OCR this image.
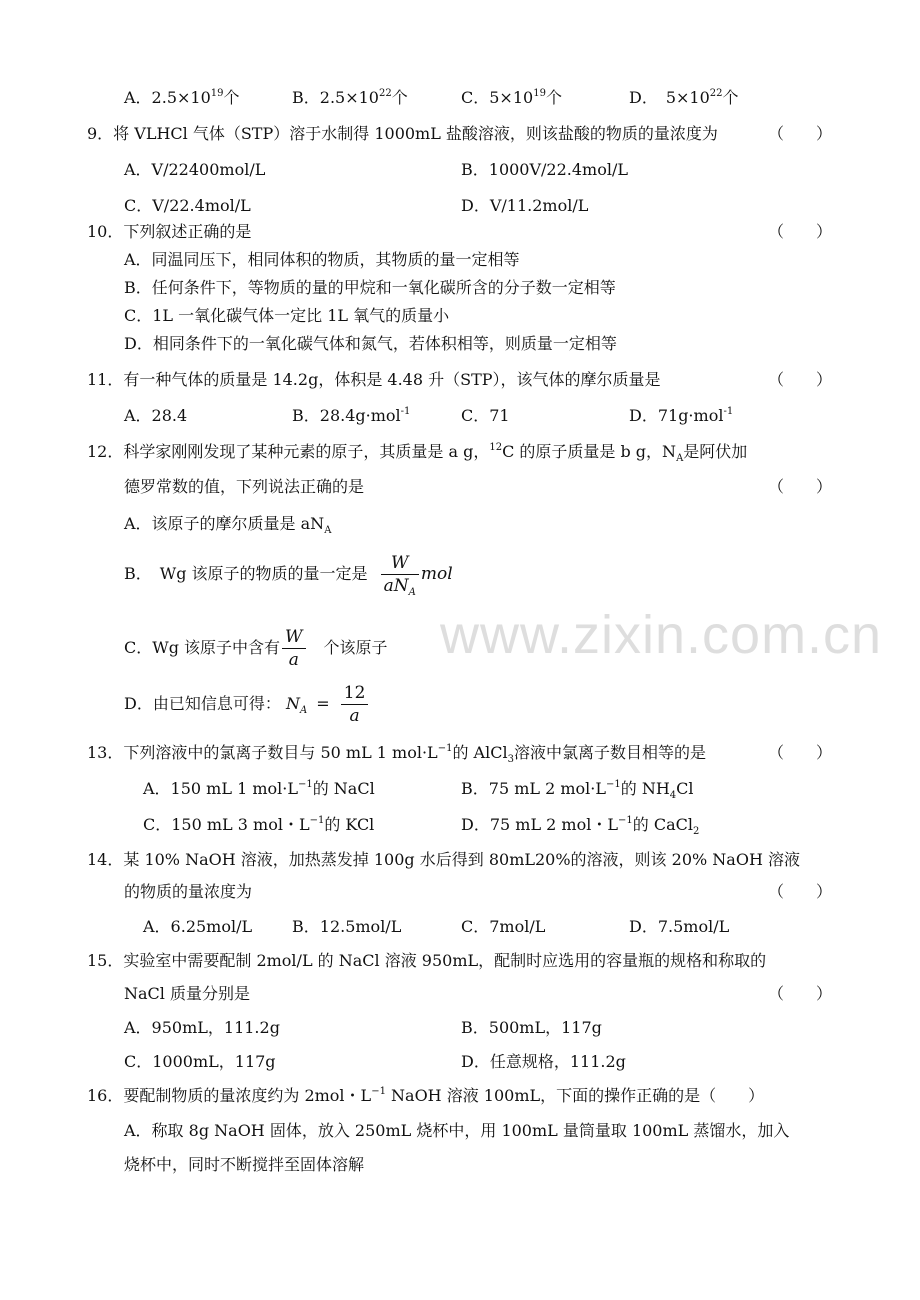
www.zixin.com.cn
A．$2.5\times 10^{19}$个	B．$2.5\times 10^{22}$个	C．$5\times 10^{19}$个	D．　$5\times 10^{22}$个
9．将 VLHCl 气体（STP）溶于水制得 1000mL 盐酸溶液，则该盐酸的物质的量浓度为	（　　）
A．V/22400mol/L	B．1000V/22.4mol/L
C．V/22.4mol/L	D．V/11.2mol/L
10．下列叙述正确的是	（　　）
A．同温同压下，相同体积的物质，其物质的量一定相等
B．任何条件下，等物质的量的甲烷和一氧化碳所含的分子数一定相等
C．1L 一氧化碳气体一定比 1L 氧气的质量小
D．相同条件下的一氧化碳气体和氮气，若体积相等，则质量一定相等
11．有一种气体的质量是 14.2g，体积是 4.48 升（STP），该气体的摩尔质量是	（　　）
A．28.4	B．28.4g·mol$^{-1}$	C．71	D．71g·mol$^{-1}$
12．科学家刚刚发现了某种元素的原子，其质量是 a g，$^{12}$C 的原子质量是 b g，$N_A$是阿伏加
德罗常数的值，下列说法正确的是	（　　）
A．该原子的摩尔质量是 $aN_A$
B．　Wg 该原子的物质的量一定是 $\frac{W}{aN_A}$ mol
C．Wg 该原子中含有 $\frac{W}{a}$ 　个该原子
D．由已知信息可得： $N_A = \frac{12}{a}$
13．下列溶液中的氯离子数目与 50 mL 1 $mol\cdot L^{-1}$的 AlCl$_3$溶液中氯离子数目相等的是	（　　）
A．150 mL 1 $mol\cdot L^{-1}$的 NaCl	B．75 mL 2 $mol\cdot L^{-1}$的 $NH_4Cl$
C．150 mL 3 mol・$L^{-1}$的 KCl	D．75 mL 2 mol・$L^{-1}$的 CaCl$_2$
14．某 10% NaOH 溶液，加热蒸发掉 100g 水后得到 80mL20%的溶液，则该 20% NaOH 溶液
的物质的量浓度为	（　　）
A．6.25mol/L B．12.5mol/L	C．7mol/L	D．7.5mol/L
15．实验室中需要配制 2mol/L 的 NaCl 溶液 950mL，配制时应选用的容量瓶的规格和称取的
NaCl 质量分别是	（　　）
A．950mL，111.2g	B．500mL，117g
C．1000mL，117g	D．任意规格，111.2g
16．要配制物质的量浓度约为 2mol・$L^{-1}$ NaOH 溶液 100mL，下面的操作正确的是（　　）
A．称取 8g NaOH 固体，放入 250mL 烧杯中，用 100mL 量筒量取 100mL 蒸馏水，加入
烧杯中，同时不断搅拌至固体溶解
